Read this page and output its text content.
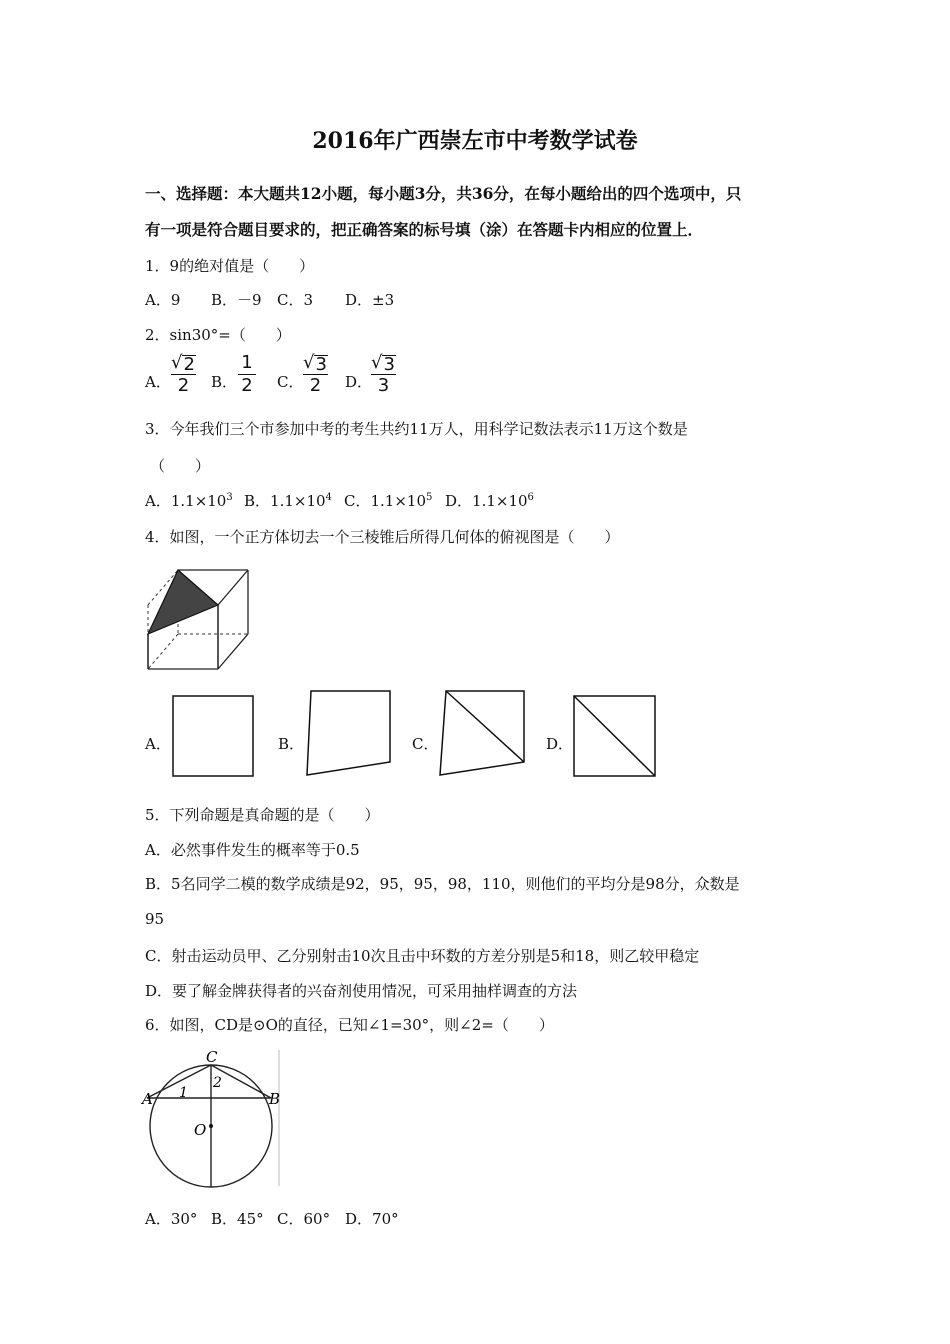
2016年广西崇左市中考数学试卷
一、选择题：本大题共12小题，每小题3分，共36分，在每小题给出的四个选项中，只
有一项是符合题目要求的，把正确答案的标号填（涂）在答题卡内相应的位置上．
1．9的绝对值是（　　）
A．9 B．－9 C．3 D．±3
2．sin30°=（　　）
A．
√ 2
2 B．
1
2 C．
√ 3
2 D．
√ 3
3
3．今年我们三个市参加中考的考生共约11万人，用科学记数法表示11万这个数是
（　　）
A．$1.1\times 10^3$ B．$1.1\times 10^4$ C．$1.1\times 10^5$ D．$1.1\times 10^6$
4．如图，一个正方体切去一个三棱锥后所得几何体的俯视图是（　　）
A．	B．	C．	D．
5．下列命题是真命题的是（　　）
A．必然事件发生的概率等于0.5
B．5名同学二模的数学成绩是92，95，95，98，110，则他们的平均分是98分，众数是
95
C．射击运动员甲、乙分别射击10次且击中环数的方差分别是5和18，则乙较甲稳定
D．要了解金牌获得者的兴奋剂使用情况，可采用抽样调查的方法
6．如图，CD是⊙O的直径，已知∠1=30°，则∠2=（　　）
C
A	B
O
1
2
A．30° B．45° C．60° D．70°
